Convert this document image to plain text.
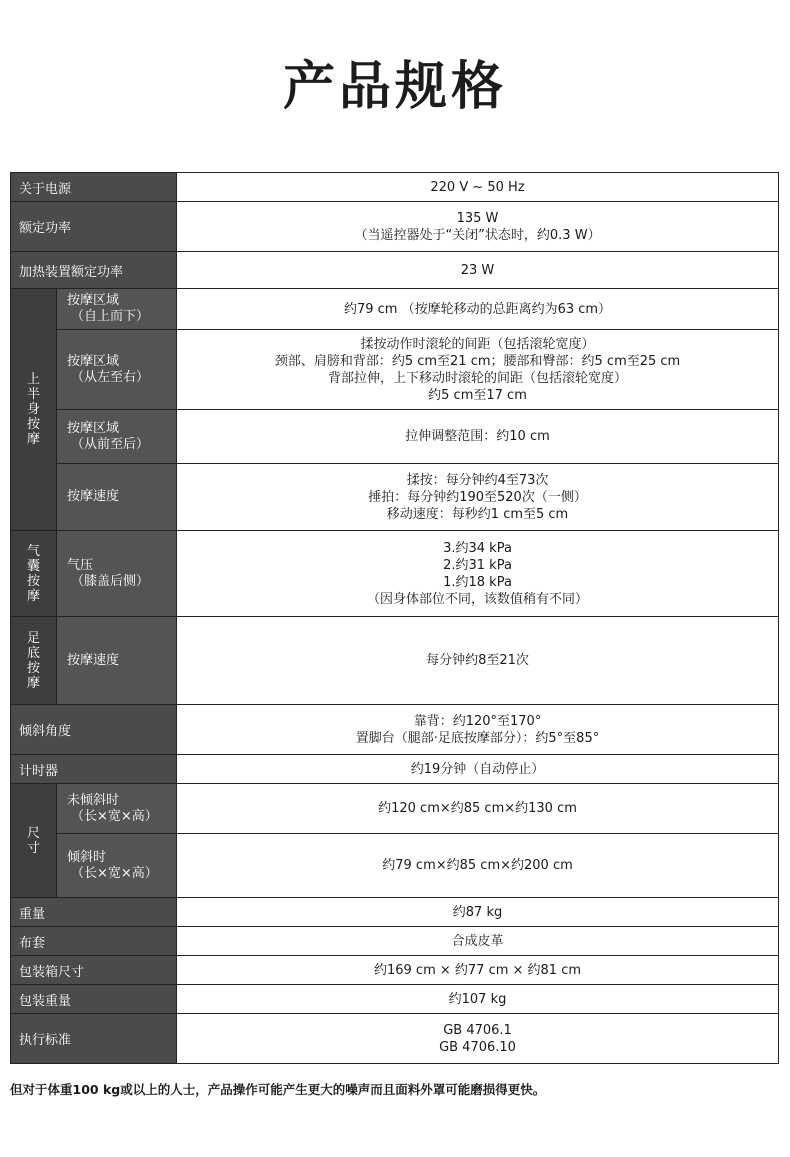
产品规格
关于电源		220 V ~ 50 Hz

额定功率		135 W
（当遥控器处于“关闭”状态时，约0.3 W）

加热装置额定功率		23 W

上半身按摩	按摩区域
（自上而下）	约79 cm （按摩轮移动的总距离约为63 cm）

	按摩区域
（从左至右）	揉按动作时滚轮的间距（包括滚轮宽度）
颈部、肩膀和背部：约5 cm至21 cm；腰部和臀部：约5 cm至25 cm
背部拉伸，上下移动时滚轮的间距（包括滚轮宽度）
约5 cm至17 cm

	按摩区域
（从前至后）	拉伸调整范围：约10 cm

	按摩速度	揉按：每分钟约4至73次
捶拍：每分钟约190至520次（一侧）
移动速度：每秒约1 cm至5 cm

气囊按摩	气压
（膝盖后侧）	3.约34 kPa
2.约31 kPa
1.约18 kPa
（因身体部位不同，该数值稍有不同）

足底按摩	按摩速度	每分钟约8至21次

倾斜角度		靠背：约120°至170°
置脚台（腿部·足底按摩部分）：约5°至85°

计时器		约19分钟（自动停止）

尺寸	未倾斜时
（长×宽×高）	约120 cm×约85 cm×约130 cm

	倾斜时
（长×宽×高）	约79 cm×约85 cm×约200 cm

重量		约87 kg

布套		合成皮革

包装箱尺寸		约169 cm × 约77 cm × 约81 cm

包装重量		约107 kg

执行标准		GB 4706.1
GB 4706.10
但对于体重100 kg或以上的人士，产品操作可能产生更大的噪声而且面料外罩可能磨损得更快。
